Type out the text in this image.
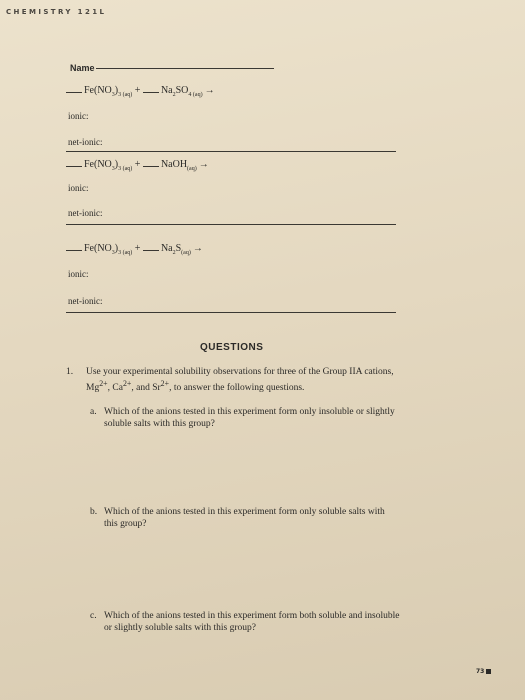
CHEMISTRY 121L
Name
$Fe(NO_3)_{3 (aq)} + Na_2SO_{4 (aq)}$ →
ionic:
net-ionic:
$Fe(NO_3)_{3 (aq)}$ + NaOH$_{(aq)}$ →
ionic:
net-ionic:
$Fe(NO_3)_{3 (aq)} + Na_2S_{(aq)}$ →
ionic:
net-ionic:
QUESTIONS
1. Use your experimental solubility observations for three of the Group IIA cations,
$Mg^{2+}$, $Ca^{2+}$, and $Sr^{2+}$, to answer the following questions.
a. Which of the anions tested in this experiment form only insoluble or slightly
soluble salts with this group?
b. Which of the anions tested in this experiment form only soluble salts with
this group?
c. Which of the anions tested in this experiment form both soluble and insoluble
or slightly soluble salts with this group?
73
